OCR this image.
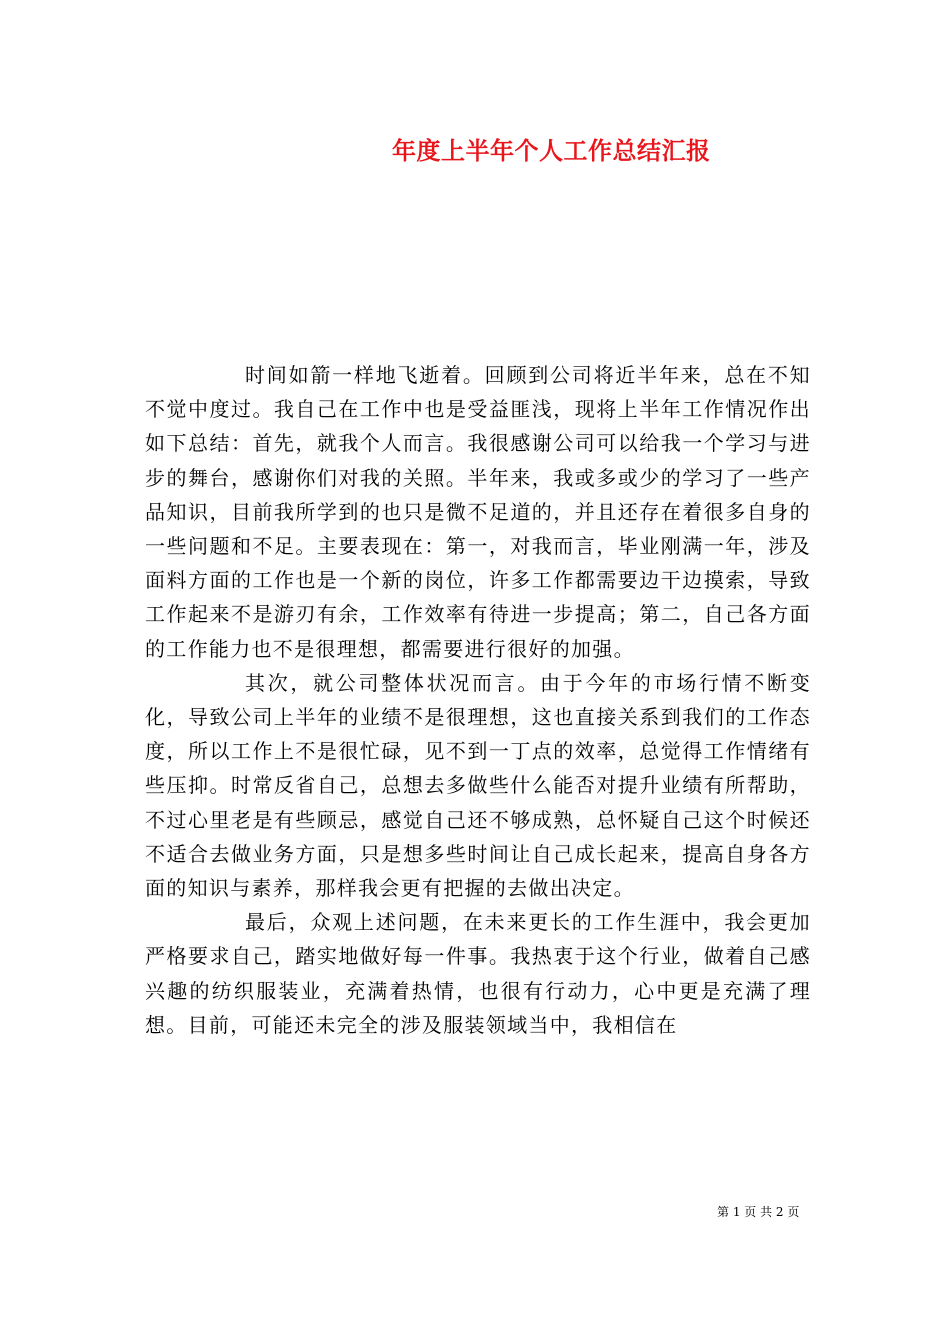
年度上半年个人工作总结汇报

时间如箭一样地飞逝着。回顾到公司将近半年来，总在不知不觉中度过。我自己在工作中也是受益匪浅，现将上半年工作情况作出如下总结：首先，就我个人而言。我很感谢公司可以给我一个学习与进步的舞台，感谢你们对我的关照。半年来，我或多或少的学习了一些产品知识，目前我所学到的也只是微不足道的，并且还存在着很多自身的一些问题和不足。主要表现在：第一，对我而言，毕业刚满一年，涉及面料方面的工作也是一个新的岗位，许多工作都需要边干边摸索，导致工作起来不是游刃有余，工作效率有待进一步提高；第二，自己各方面的工作能力也不是很理想，都需要进行很好的加强。

其次，就公司整体状况而言。由于今年的市场行情不断变化，导致公司上半年的业绩不是很理想，这也直接关系到我们的工作态度，所以工作上不是很忙碌，见不到一丁点的效率，总觉得工作情绪有些压抑。时常反省自己，总想去多做些什么能否对提升业绩有所帮助，不过心里老是有些顾忌，感觉自己还不够成熟，总怀疑自己这个时候还不适合去做业务方面，只是想多些时间让自己成长起来，提高自身各方面的知识与素养，那样我会更有把握的去做出决定。

最后，众观上述问题，在未来更长的工作生涯中，我会更加严格要求自己，踏实地做好每一件事。我热衷于这个行业，做着自己感兴趣的纺织服装业，充满着热情，也很有行动力，心中更是充满了理想。目前，可能还未完全的涉及服装领域当中，我相信在

第 1 页 共 2 页
